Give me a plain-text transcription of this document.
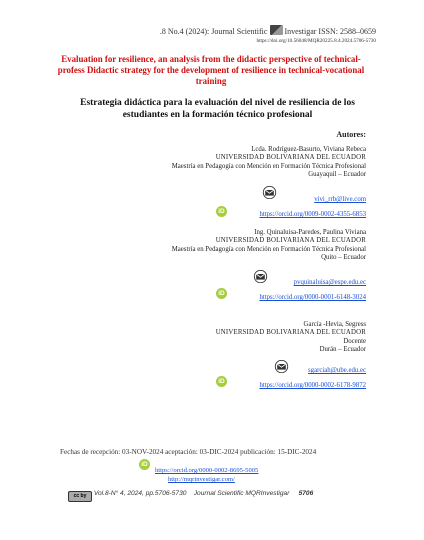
.8 No.4 (2024): Journal Scientific Investigar ISSN: 2588–0659
https://doi.org/10.56048/MQR20225.8.4.2024.5706-5730
Evaluation for resilience, an analysis from the didactic perspective of technical-profess Didactic strategy for the development of resilience in technical-vocational training
Estrategia didáctica para la evaluación del nivel de resiliencia de los estudiantes en la formación técnico profesional
Autores:
Lcda. Rodríguez-Basurto, Viviana Rebeca
UNIVERSIDAD BOLIVARIANA DEL ECUADOR
Maestría en Pedagogía con Mención en Formación Técnica Profesional
Guayaquil – Ecuador
vivi_rrb@live.com
iD	https://orcid.org/0009-0002-4355-6853
Ing. Quinaluisa-Paredes, Paulina Viviana
UNIVERSIDAD BOLIVARIANA DEL ECUADOR
Maestría en Pedagogía con Mención en Formación Técnica Profesional
Quito – Ecuador
pvquinaluisa@espe.edu.ec
iD
https://orcid.org/0000-0001-6148-3024
García -Hevia, Segress
UNIVERSIDAD BOLIVARIANA DEL ECUADOR
Docente
Durán – Ecuador
sgarciah@ube.edu.ec
iD
https://orcid.org/0000-0002-6178-9872
Fechas de recepción: 03-NOV-2024 aceptación: 03-DIC-2024 publicación: 15-DIC-2024
iD
https://orcid.org/0000-0002-8695-5005
http://mqrinvestigar.com/
cc by Vol.8-N° 4, 2024, pp.5706-5730 Journal Scientific MQRInvestigar 5706
